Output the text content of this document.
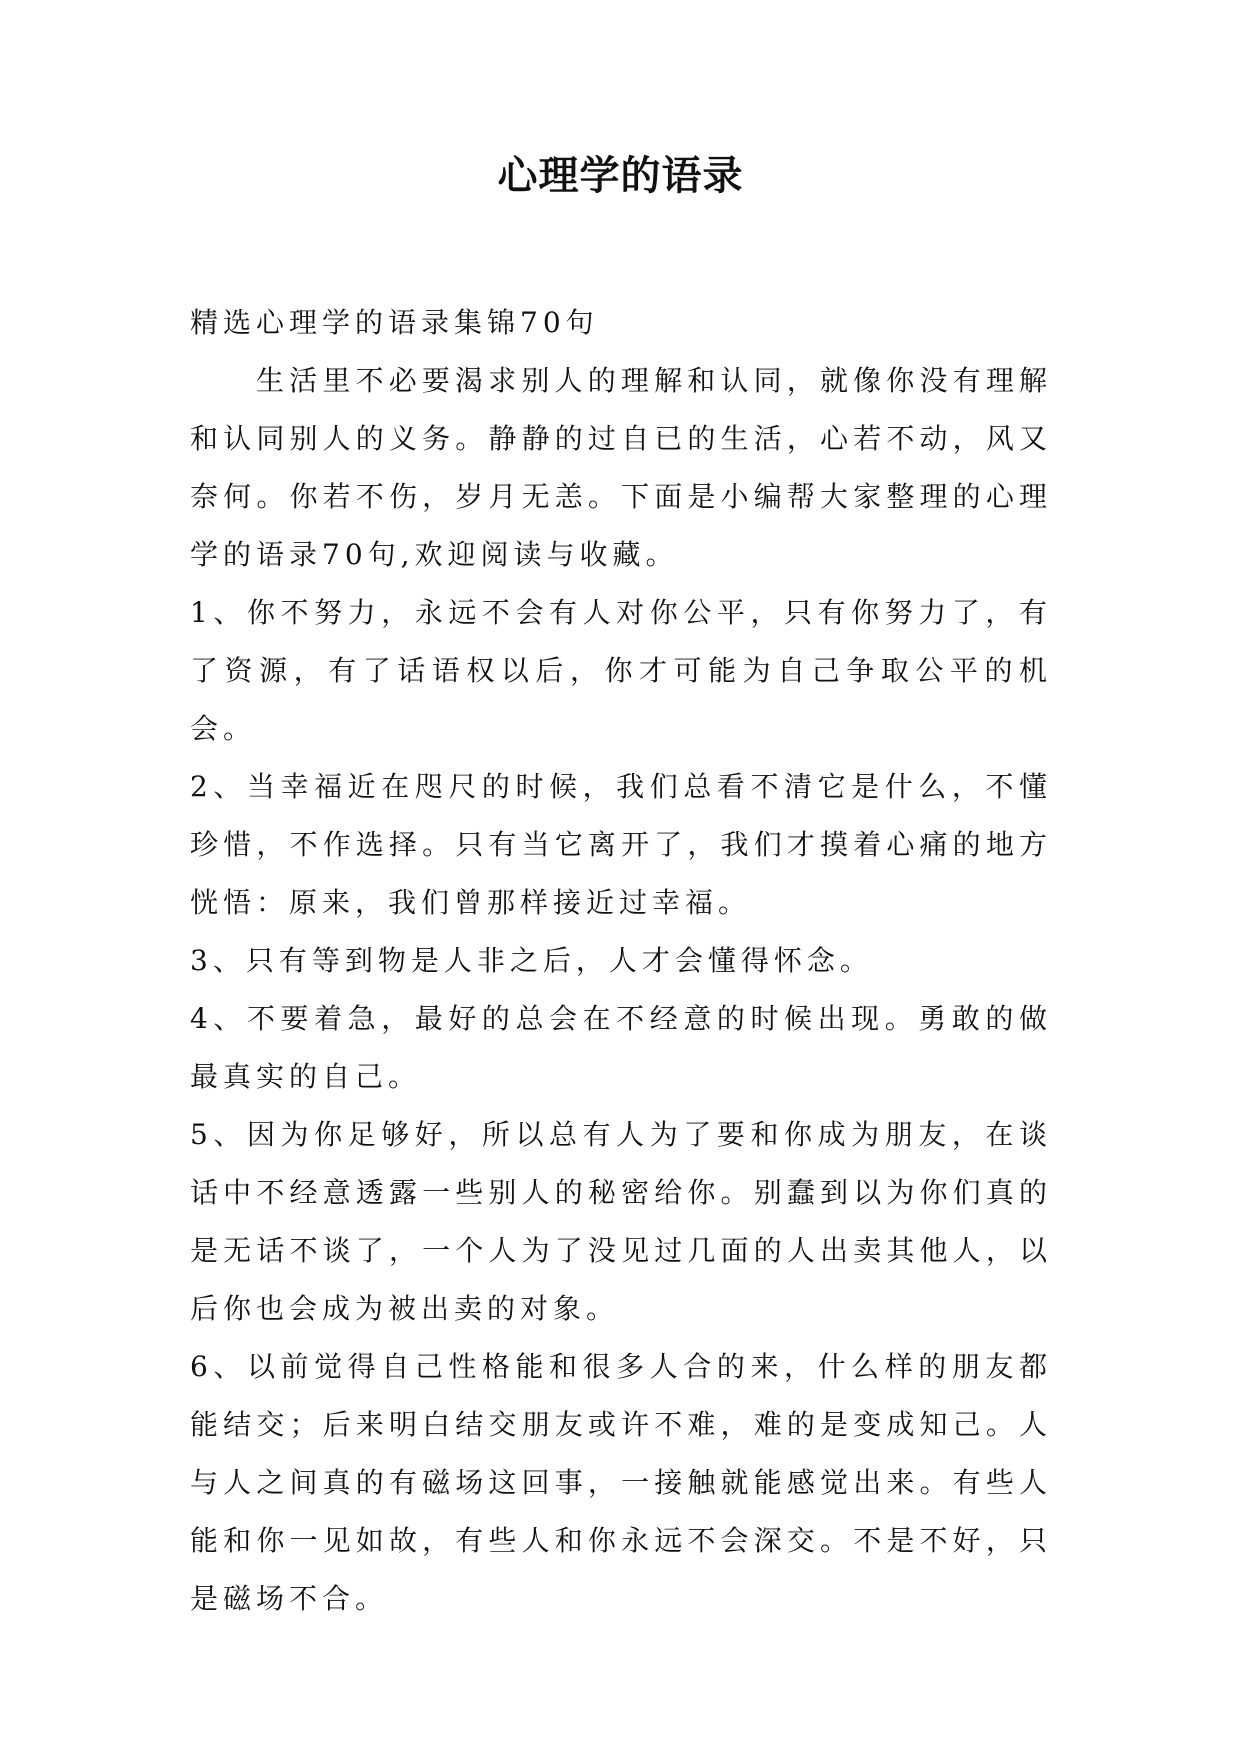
心理学的语录

精选心理学的语录集锦70句

生活里不必要渴求别人的理解和认同，就像你没有理解和认同别人的义务。静静的过自已的生活，心若不动，风又奈何。你若不伤，岁月无恙。下面是小编帮大家整理的心理学的语录70句,欢迎阅读与收藏。

1、你不努力，永远不会有人对你公平，只有你努力了，有了资源，有了话语权以后，你才可能为自己争取公平的机会。

2、当幸福近在咫尺的时候，我们总看不清它是什么，不懂珍惜，不作选择。只有当它离开了，我们才摸着心痛的地方恍悟：原来，我们曾那样接近过幸福。

3、只有等到物是人非之后，人才会懂得怀念。

4、不要着急，最好的总会在不经意的时候出现。勇敢的做最真实的自己。

5、因为你足够好，所以总有人为了要和你成为朋友，在谈话中不经意透露一些别人的秘密给你。别蠢到以为你们真的是无话不谈了，一个人为了没见过几面的人出卖其他人，以后你也会成为被出卖的对象。

6、以前觉得自己性格能和很多人合的来，什么样的朋友都能结交；后来明白结交朋友或许不难，难的是变成知己。人与人之间真的有磁场这回事，一接触就能感觉出来。有些人能和你一见如故，有些人和你永远不会深交。不是不好，只是磁场不合。
